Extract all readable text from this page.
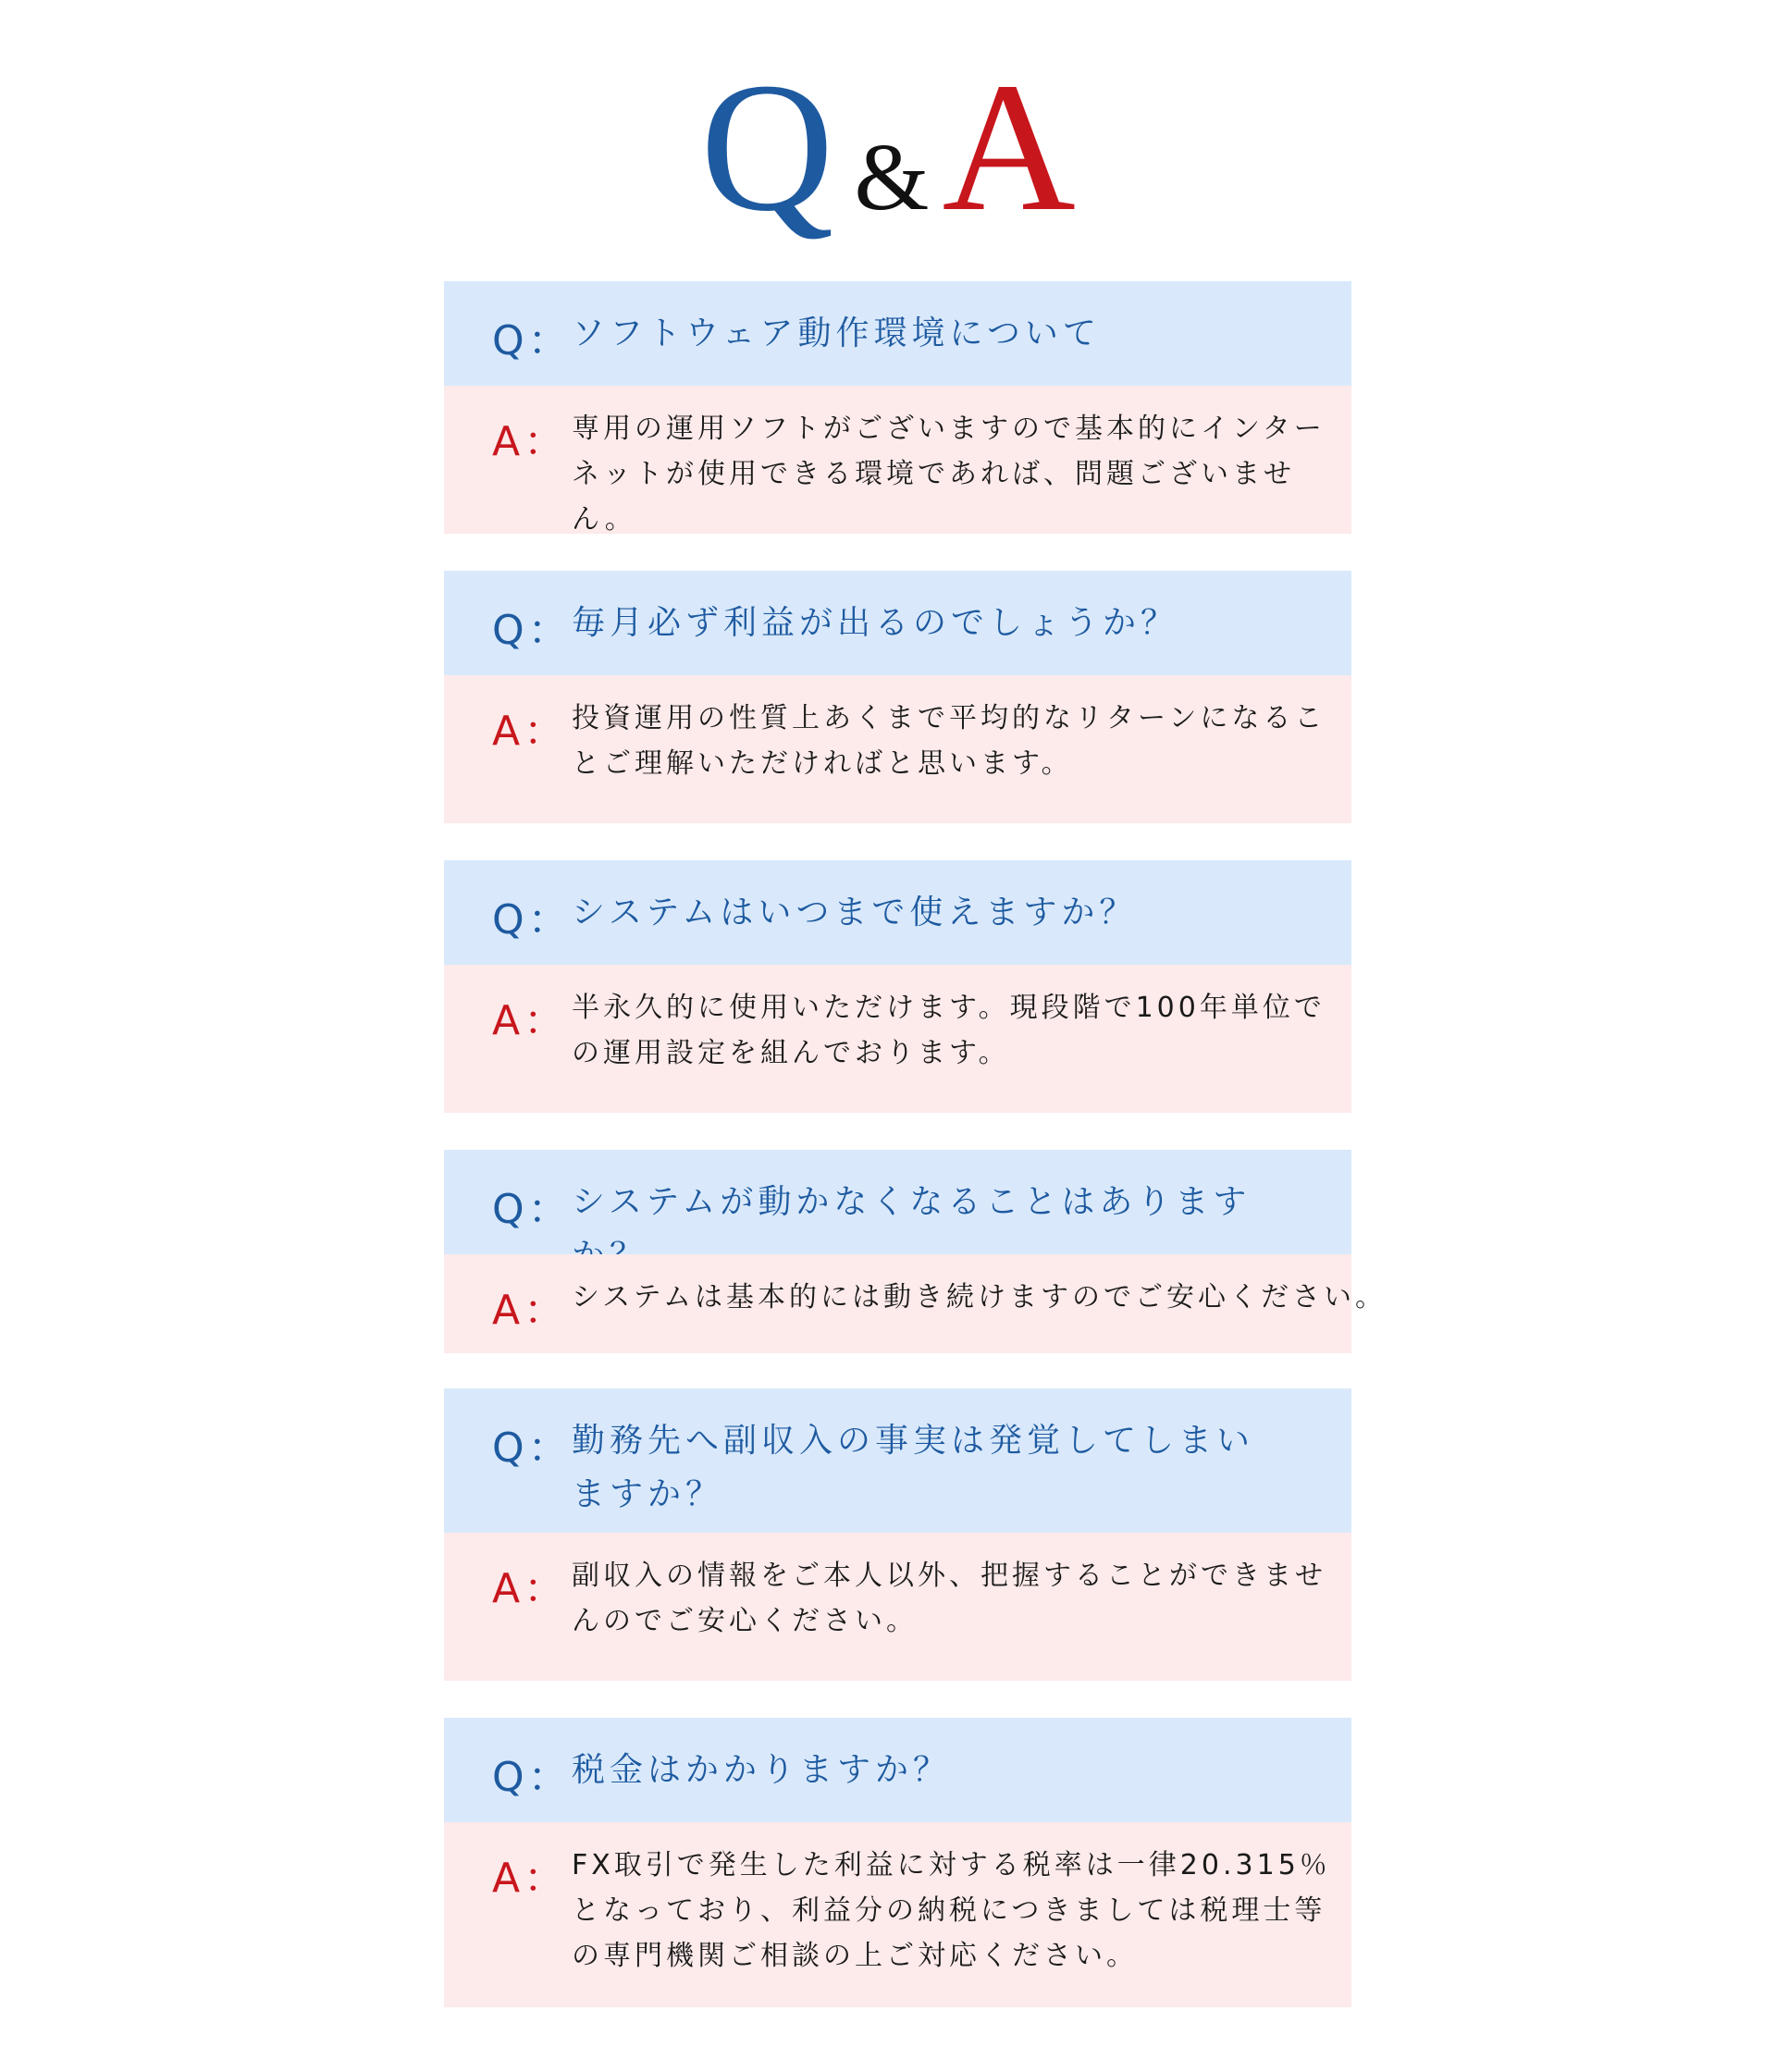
Q &A
Q： ソフトウェア動作環境について
A： 専用の運用ソフトがございますので基本的にインターネットが使用できる環境であれば、問題ございません。
Q： 毎月必ず利益が出るのでしょうか？
A： 投資運用の性質上あくまで平均的なリターンになることご理解いただければと思います。
Q： システムはいつまで使えますか？
A： 半永久的に使用いただけます。現段階で100年単位での運用設定を組んでおります。
Q： システムが動かなくなることはあります
A： システムは基本的には動き続けますのでご安心ください。
Q： 勤務先へ副収入の事実は発覚してしまいますか？
A： 副収入の情報をご本人以外、把握することができませんのでご安心ください。
Q： 税金はかかりますか？
A： FX取引で発生した利益に対する税率は一律20.315％となっており、利益分の納税につきましては税理士等の専門機関ご相談の上ご対応ください。
